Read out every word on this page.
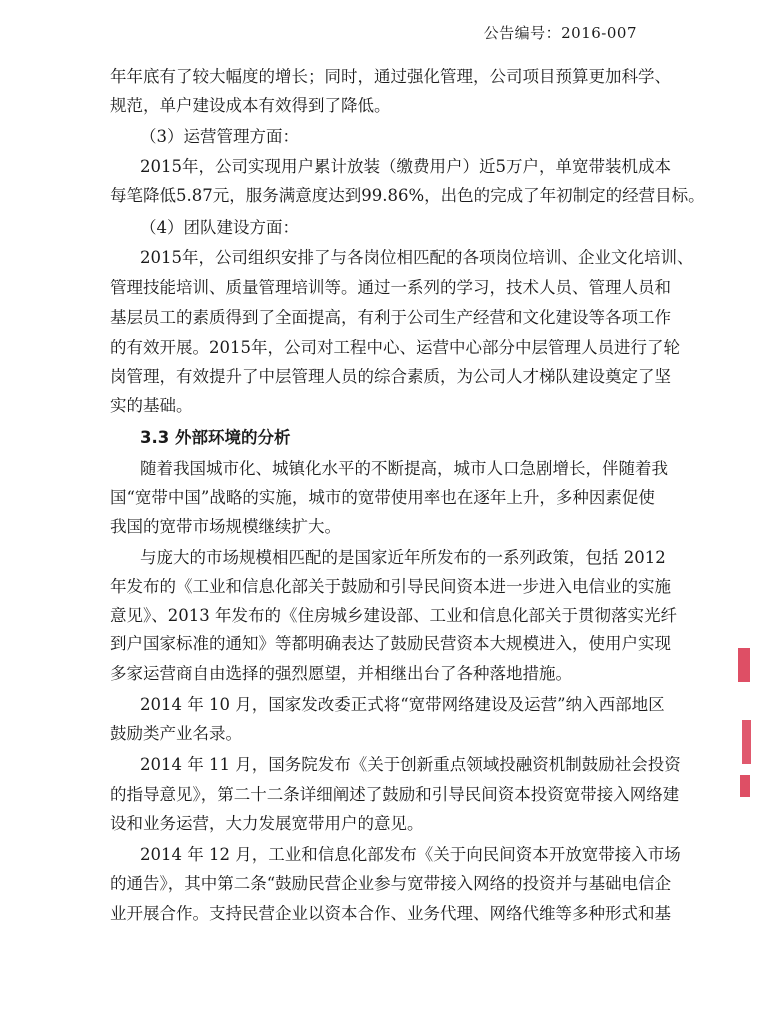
公告编号：2016-007
年年底有了较大幅度的增长；同时，通过强化管理，公司项目预算更加科学、
规范，单户建设成本有效得到了降低。
（3）运营管理方面：
2015年，公司实现用户累计放装（缴费用户）近5万户，单宽带装机成本
每笔降低5.87元，服务满意度达到99.86%，出色的完成了年初制定的经营目标。
（4）团队建设方面：
2015年，公司组织安排了与各岗位相匹配的各项岗位培训、企业文化培训、
管理技能培训、质量管理培训等。通过一系列的学习，技术人员、管理人员和
基层员工的素质得到了全面提高，有利于公司生产经营和文化建设等各项工作
的有效开展。2015年，公司对工程中心、运营中心部分中层管理人员进行了轮
岗管理，有效提升了中层管理人员的综合素质，为公司人才梯队建设奠定了坚
实的基础。
3.3 外部环境的分析
随着我国城市化、城镇化水平的不断提高，城市人口急剧增长，伴随着我
国“宽带中国”战略的实施，城市的宽带使用率也在逐年上升，多种因素促使
我国的宽带市场规模继续扩大。
与庞大的市场规模相匹配的是国家近年所发布的一系列政策，包括 2012
年发布的《工业和信息化部关于鼓励和引导民间资本进一步进入电信业的实施
意见》、2013 年发布的《住房城乡建设部、工业和信息化部关于贯彻落实光纤
到户国家标准的通知》等都明确表达了鼓励民营资本大规模进入，使用户实现
多家运营商自由选择的强烈愿望，并相继出台了各种落地措施。
2014 年 10 月，国家发改委正式将“宽带网络建设及运营”纳入西部地区
鼓励类产业名录。
2014 年 11 月，国务院发布《关于创新重点领域投融资机制鼓励社会投资
的指导意见》，第二十二条详细阐述了鼓励和引导民间资本投资宽带接入网络建
设和业务运营，大力发展宽带用户的意见。
2014 年 12 月，工业和信息化部发布《关于向民间资本开放宽带接入市场
的通告》，其中第二条“鼓励民营企业参与宽带接入网络的投资并与基础电信企
业开展合作。支持民营企业以资本合作、业务代理、网络代维等多种形式和基
